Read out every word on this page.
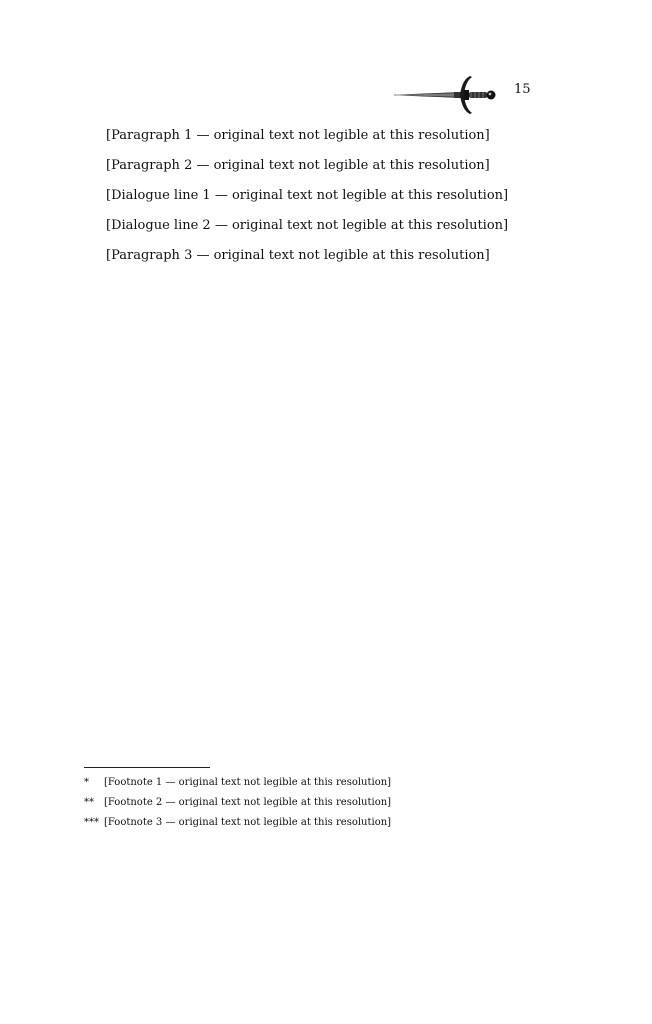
15

[Paragraph 1 — original text not legible at this resolution]

[Paragraph 2 — original text not legible at this resolution]

[Dialogue line 1 — original text not legible at this resolution]

[Dialogue line 2 — original text not legible at this resolution]

[Paragraph 3 — original text not legible at this resolution]

*	[Footnote 1 — original text not legible at this resolution]
**	[Footnote 2 — original text not legible at this resolution]
*** [Footnote 3 — original text not legible at this resolution]
